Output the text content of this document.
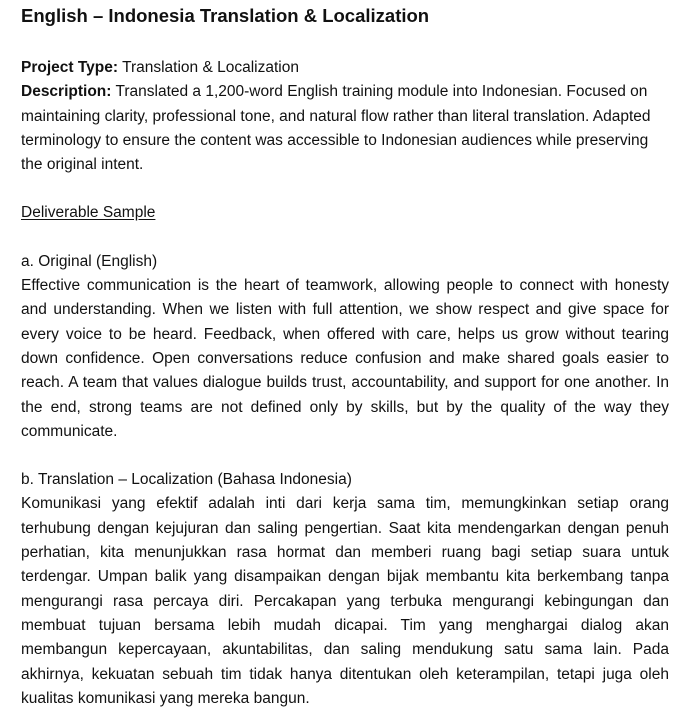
English – Indonesia Translation & Localization
Project Type: Translation & Localization
Description: Translated a 1,200-word English training module into Indonesian. Focused on maintaining clarity, professional tone, and natural flow rather than literal translation. Adapted terminology to ensure the content was accessible to Indonesian audiences while preserving the original intent.
Deliverable Sample
a. Original (English)
Effective communication is the heart of teamwork, allowing people to connect with honesty and understanding. When we listen with full attention, we show respect and give space for every voice to be heard. Feedback, when offered with care, helps us grow without tearing down confidence. Open conversations reduce confusion and make shared goals easier to reach. A team that values dialogue builds trust, accountability, and support for one another. In the end, strong teams are not defined only by skills, but by the quality of the way they communicate.
b. Translation – Localization (Bahasa Indonesia)
Komunikasi yang efektif adalah inti dari kerja sama tim, memungkinkan setiap orang terhubung dengan kejujuran dan saling pengertian. Saat kita mendengarkan dengan penuh perhatian, kita menunjukkan rasa hormat dan memberi ruang bagi setiap suara untuk terdengar. Umpan balik yang disampaikan dengan bijak membantu kita berkembang tanpa mengurangi rasa percaya diri. Percakapan yang terbuka mengurangi kebingungan dan membuat tujuan bersama lebih mudah dicapai. Tim yang menghargai dialog akan membangun kepercayaan, akuntabilitas, dan saling mendukung satu sama lain. Pada akhirnya, kekuatan sebuah tim tidak hanya ditentukan oleh keterampilan, tetapi juga oleh kualitas komunikasi yang mereka bangun.
